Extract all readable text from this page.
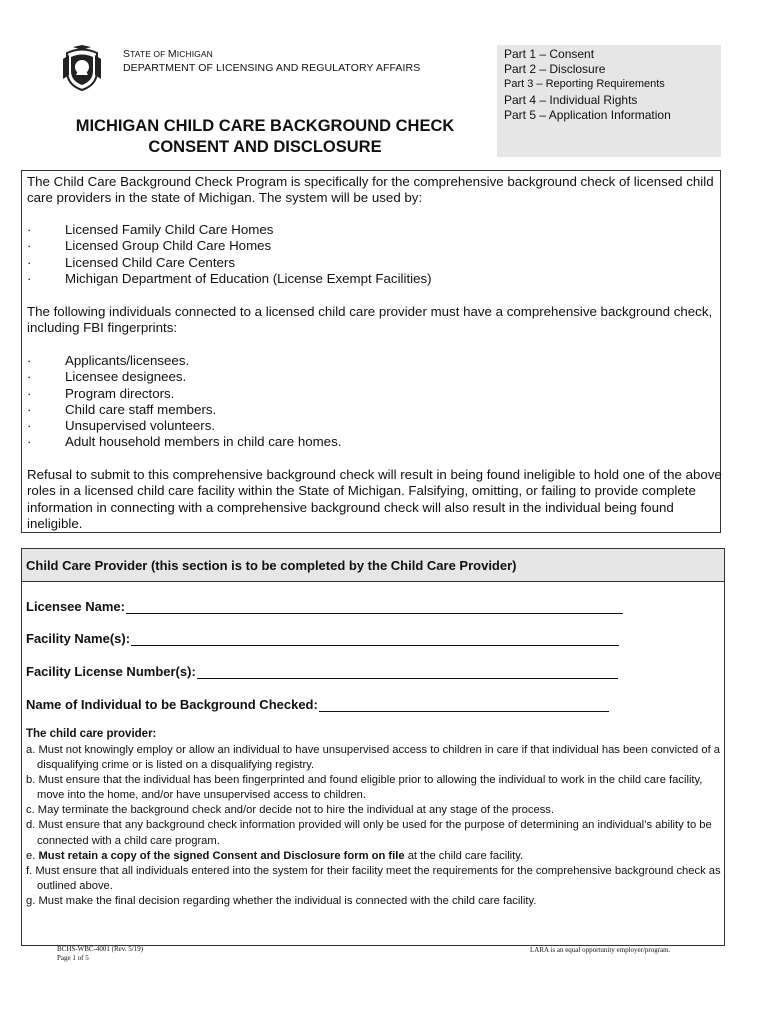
STATE OF MICHIGAN
DEPARTMENT OF LICENSING AND REGULATORY AFFAIRS
MICHIGAN CHILD CARE BACKGROUND CHECK
CONSENT AND DISCLOSURE
Part 1 – Consent
Part 2 – Disclosure
Part 3 – Reporting Requirements
Part 4 – Individual Rights
Part 5 – Application Information
The Child Care Background Check Program is specifically for the comprehensive background check of licensed child care providers in the state of Michigan. The system will be used by:
·	Licensed Family Child Care Homes
·	Licensed Group Child Care Homes
·	Licensed Child Care Centers
·	Michigan Department of Education (License Exempt Facilities)
The following individuals connected to a licensed child care provider must have a comprehensive background check, including FBI fingerprints:
·	Applicants/licensees.
·	Licensee designees.
·	Program directors.
·	Child care staff members.
·	Unsupervised volunteers.
·	Adult household members in child care homes.
Refusal to submit to this comprehensive background check will result in being found ineligible to hold one of the above roles in a licensed child care facility within the State of Michigan. Falsifying, omitting, or failing to provide complete information in connecting with a comprehensive background check will also result in the individual being found ineligible.
Child Care Provider (this section is to be completed by the Child Care Provider)
Licensee Name:
Facility Name(s):
Facility License Number(s):
Name of Individual to be Background Checked:
The child care provider:
a. Must not knowingly employ or allow an individual to have unsupervised access to children in care if that individual has been convicted of a disqualifying crime or is listed on a disqualifying registry.
b. Must ensure that the individual has been fingerprinted and found eligible prior to allowing the individual to work in the child care facility, move into the home, and/or have unsupervised access to children.
c. May terminate the background check and/or decide not to hire the individual at any stage of the process.
d. Must ensure that any background check information provided will only be used for the purpose of determining an individual’s ability to be connected with a child care program.
e. Must retain a copy of the signed Consent and Disclosure form on file at the child care facility.
f. Must ensure that all individuals entered into the system for their facility meet the requirements for the comprehensive background check as outlined above.
g. Must make the final decision regarding whether the individual is connected with the child care facility.
BCHS-WBC-4001 (Rev. 5/19)
Page 1 of 5
LARA is an equal opportunity employer/program.
